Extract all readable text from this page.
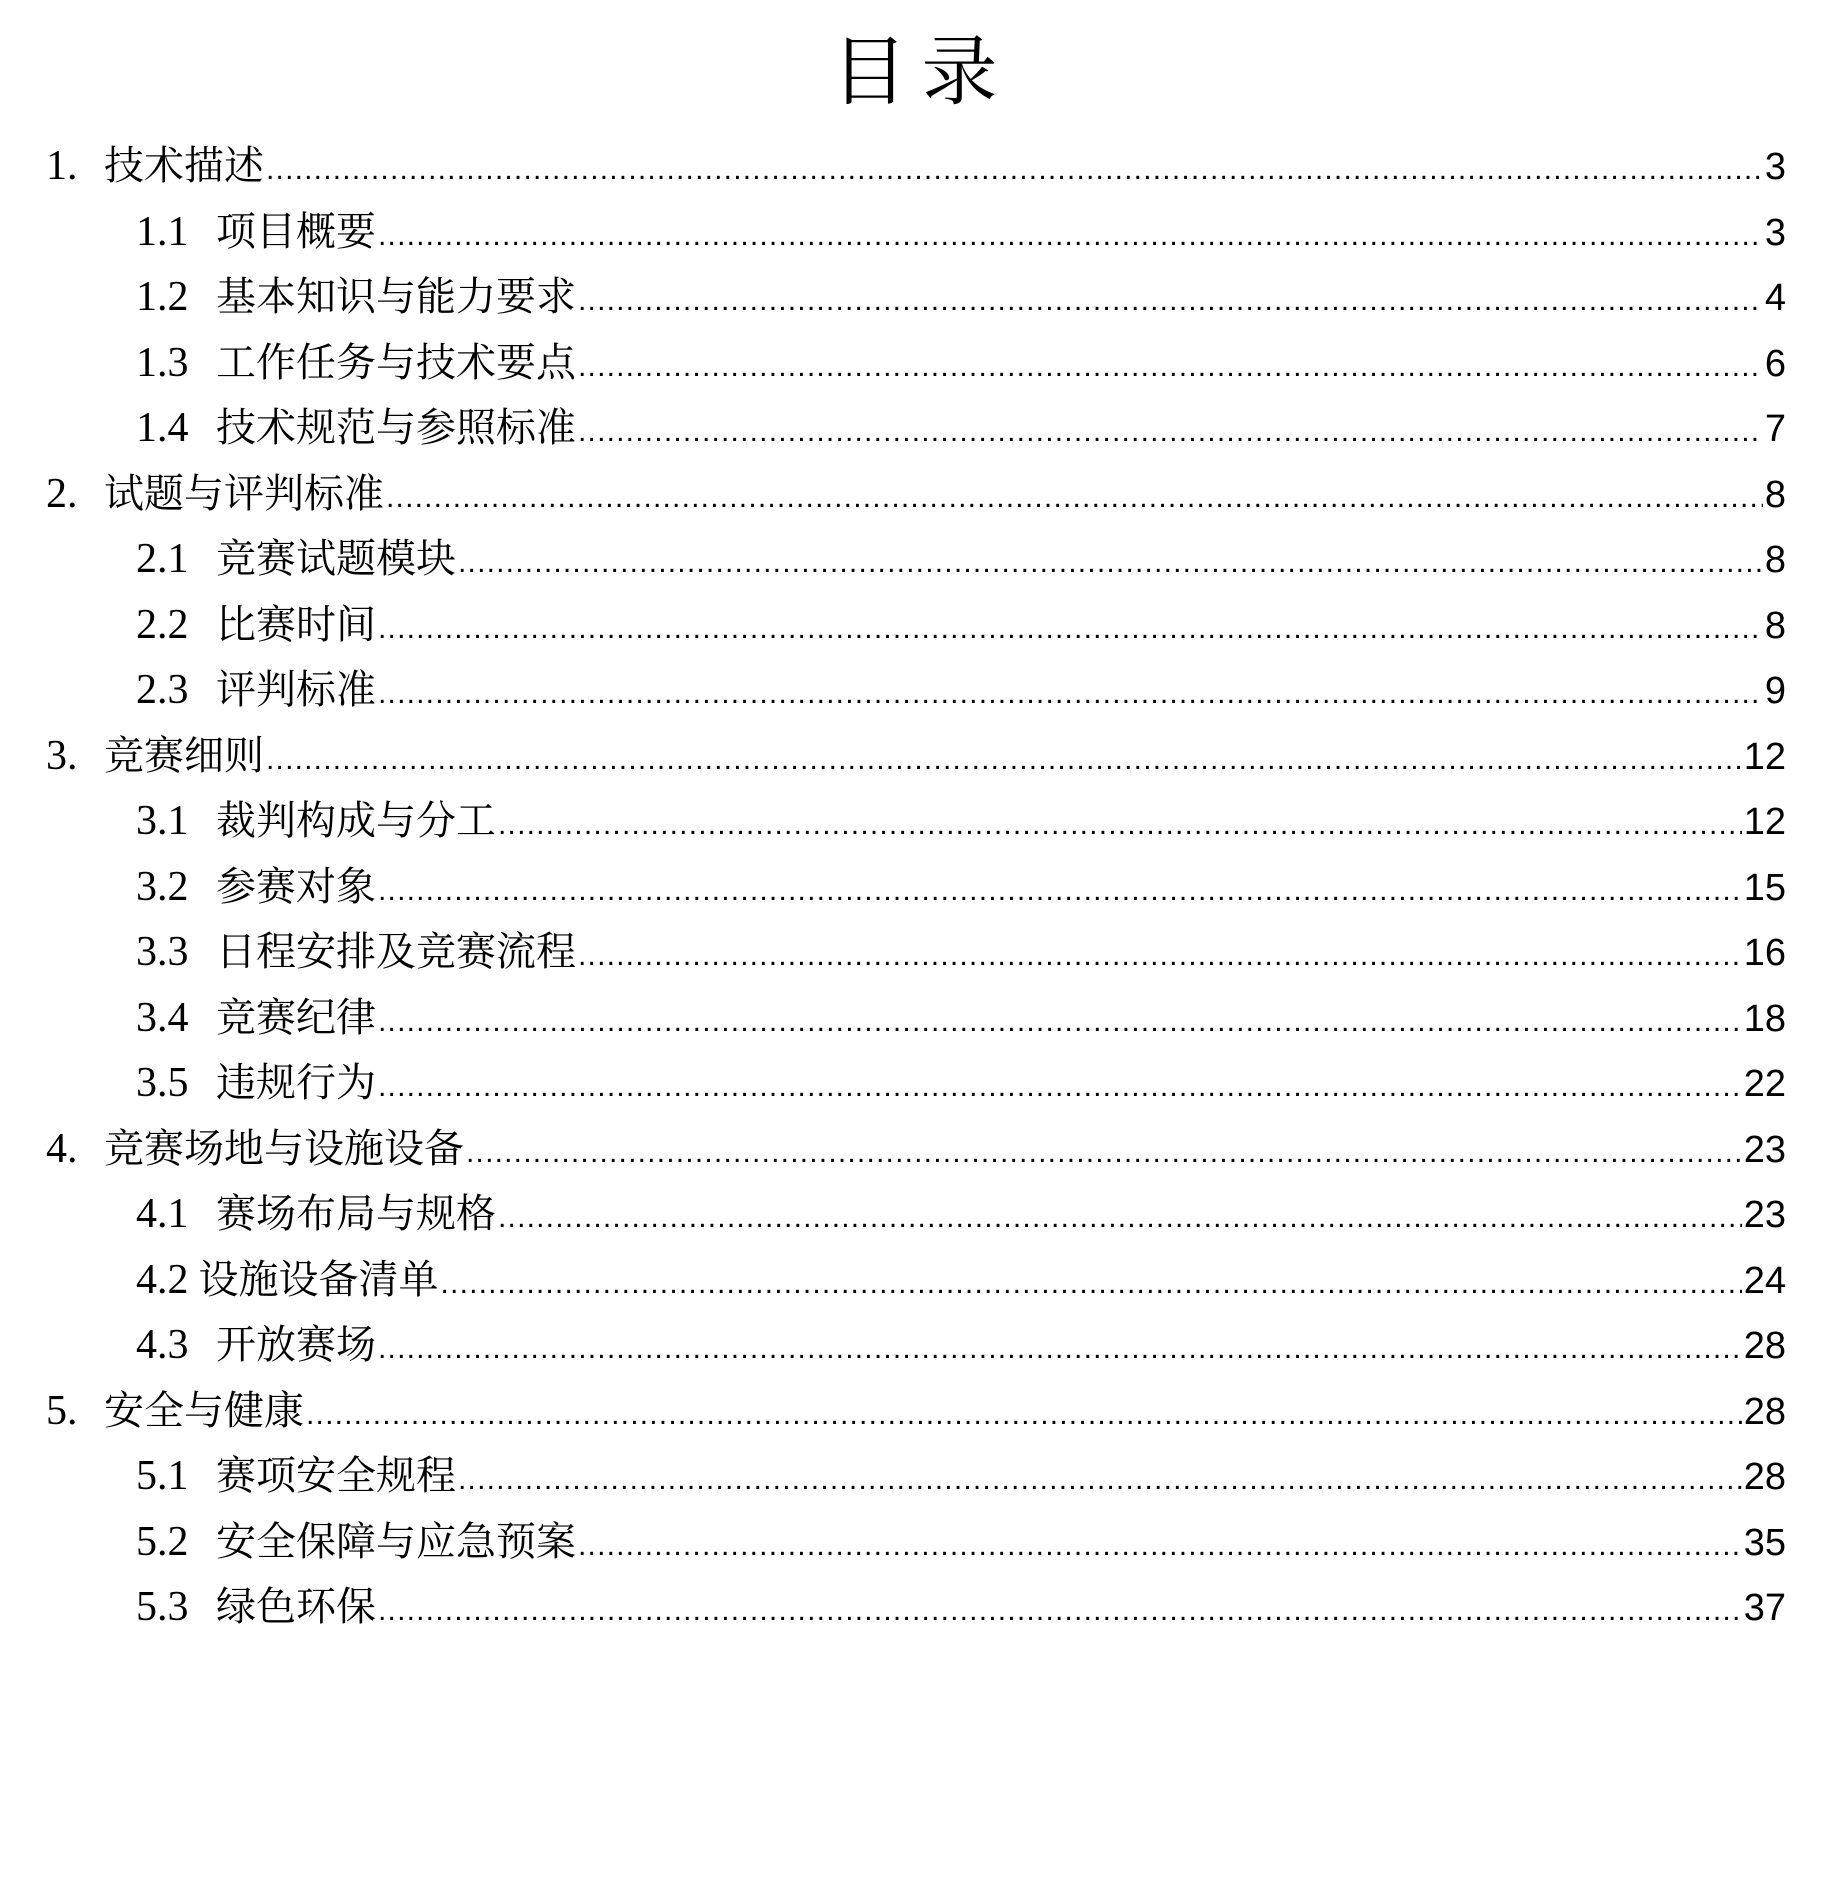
目录
1. 技术描述 .....	3
1.1 项目概要 .....	3
1.2 基本知识与能力要求 .....	4
1.3 工作任务与技术要点 .....	6
1.4 技术规范与参照标准 .....	7
2. 试题与评判标准 .....	8
2.1 竞赛试题模块 .....	8
2.2 比赛时间 .....	8
2.3 评判标准 .....	9
3. 竞赛细则 .....	12
3.1 裁判构成与分工 .....	12
3.2 参赛对象 .....	15
3.3 日程安排及竞赛流程 .....	16
3.4 竞赛纪律 .....	18
3.5 违规行为 .....	22
4. 竞赛场地与设施设备 .....	23
4.1 赛场布局与规格 .....	23
4.2 设施设备清单 .....	24
4.3 开放赛场 .....	28
5. 安全与健康 .....	28
5.1 赛项安全规程 .....	28
5.2 安全保障与应急预案 .....	35
5.3 绿色环保 .....	37
